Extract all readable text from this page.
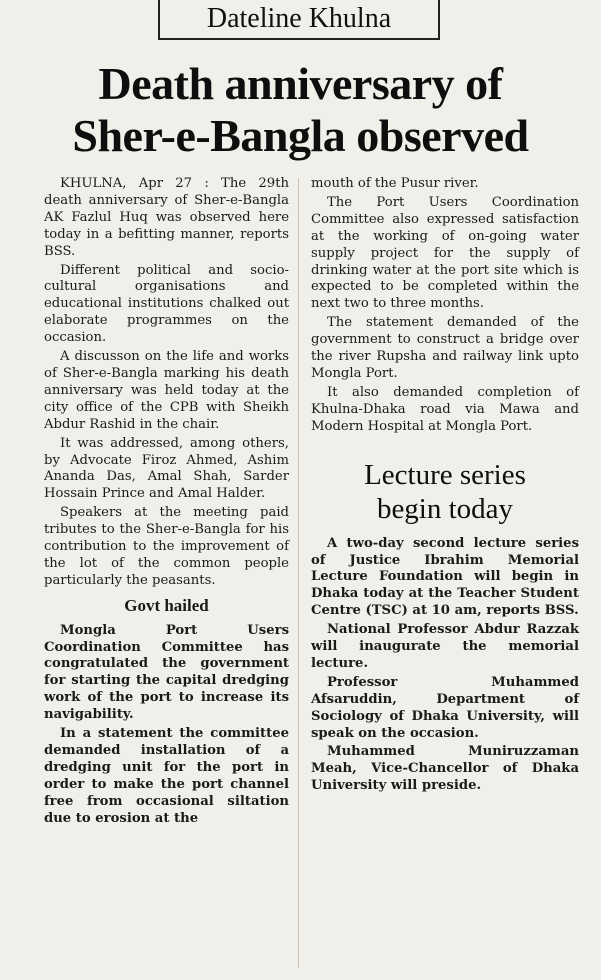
Dateline Khulna
Death anniversary of
Sher-e-Bangla observed

KHULNA, Apr 27 : The 29th death anniversary of Sher-e-Bangla AK Fazlul Huq was observed here today in a befitting manner, reports BSS.

Different political and socio-cultural organisations and educational institutions chalked out elaborate programmes on the occasion.

A discusson on the life and works of Sher-e-Bangla marking his death anniversary was held today at the city office of the CPB with Sheikh Abdur Rashid in the chair.

It was addressed, among others, by Advocate Firoz Ahmed, Ashim Ananda Das, Amal Shah, Sarder Hossain Prince and Amal Halder.

Speakers at the meeting paid tributes to the Sher-e-Bangla for his contribution to the improvement of the lot of the common people particularly the peasants.

Govt hailed

Mongla Port Users Coordination Committee has congratulated the government for starting the capital dredging work of the port to increase its navigability.

In a statement the committee demanded installation of a dredging unit for the port in order to make the port channel free from occasional siltation due to erosion at the

mouth of the Pusur river.

The Port Users Coordination Committee also expressed satisfaction at the working of on-going water supply project for the supply of drinking water at the port site which is expected to be completed within the next two to three months.

The statement demanded of the government to construct a bridge over the river Rupsha and railway link upto Mongla Port.

It also demanded completion of Khulna-Dhaka road via Mawa and Modern Hospital at Mongla Port.

Lecture series
begin today

A two-day second lecture series of Justice Ibrahim Memorial Lecture Foundation will begin in Dhaka today at the Teacher Student Centre (TSC) at 10 am, reports BSS.

National Professor Abdur Razzak will inaugurate the memorial lecture.

Professor Muhammed Afsaruddin, Department of Sociology of Dhaka University, will speak on the occasion.

Muhammed Muniruzzaman Meah, Vice-Chancellor of Dhaka University will preside.
